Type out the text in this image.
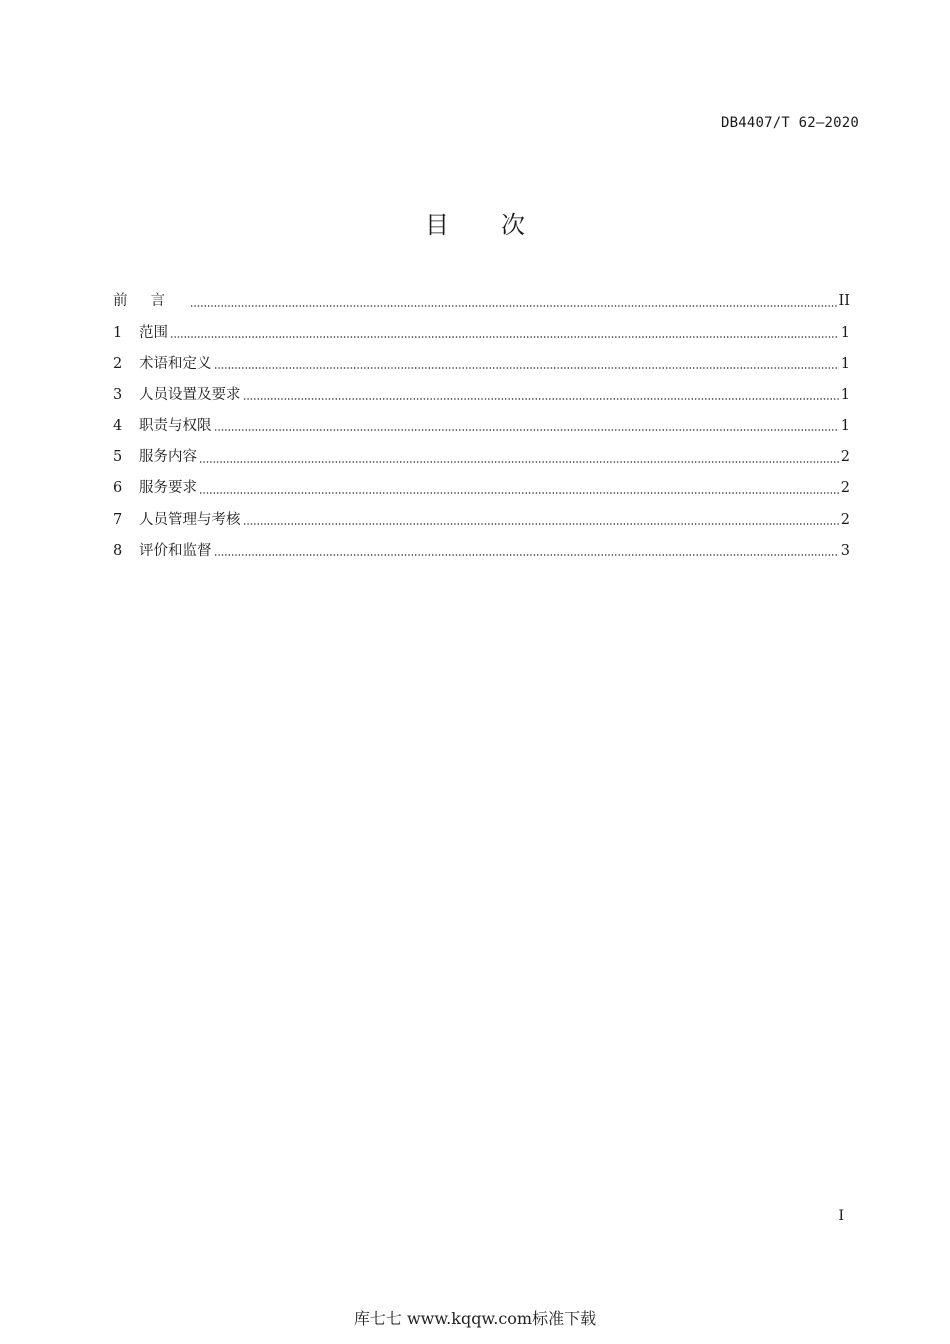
DB4407/T 62—2020
目次
前言	II
1	范围	1
2	术语和定义	1
3	人员设置及要求	1
4	职责与权限	1
5	服务内容	2
6	服务要求	2
7	人员管理与考核	2
8	评价和监督	3
I
库七七 www.kqqw.com标准下载
